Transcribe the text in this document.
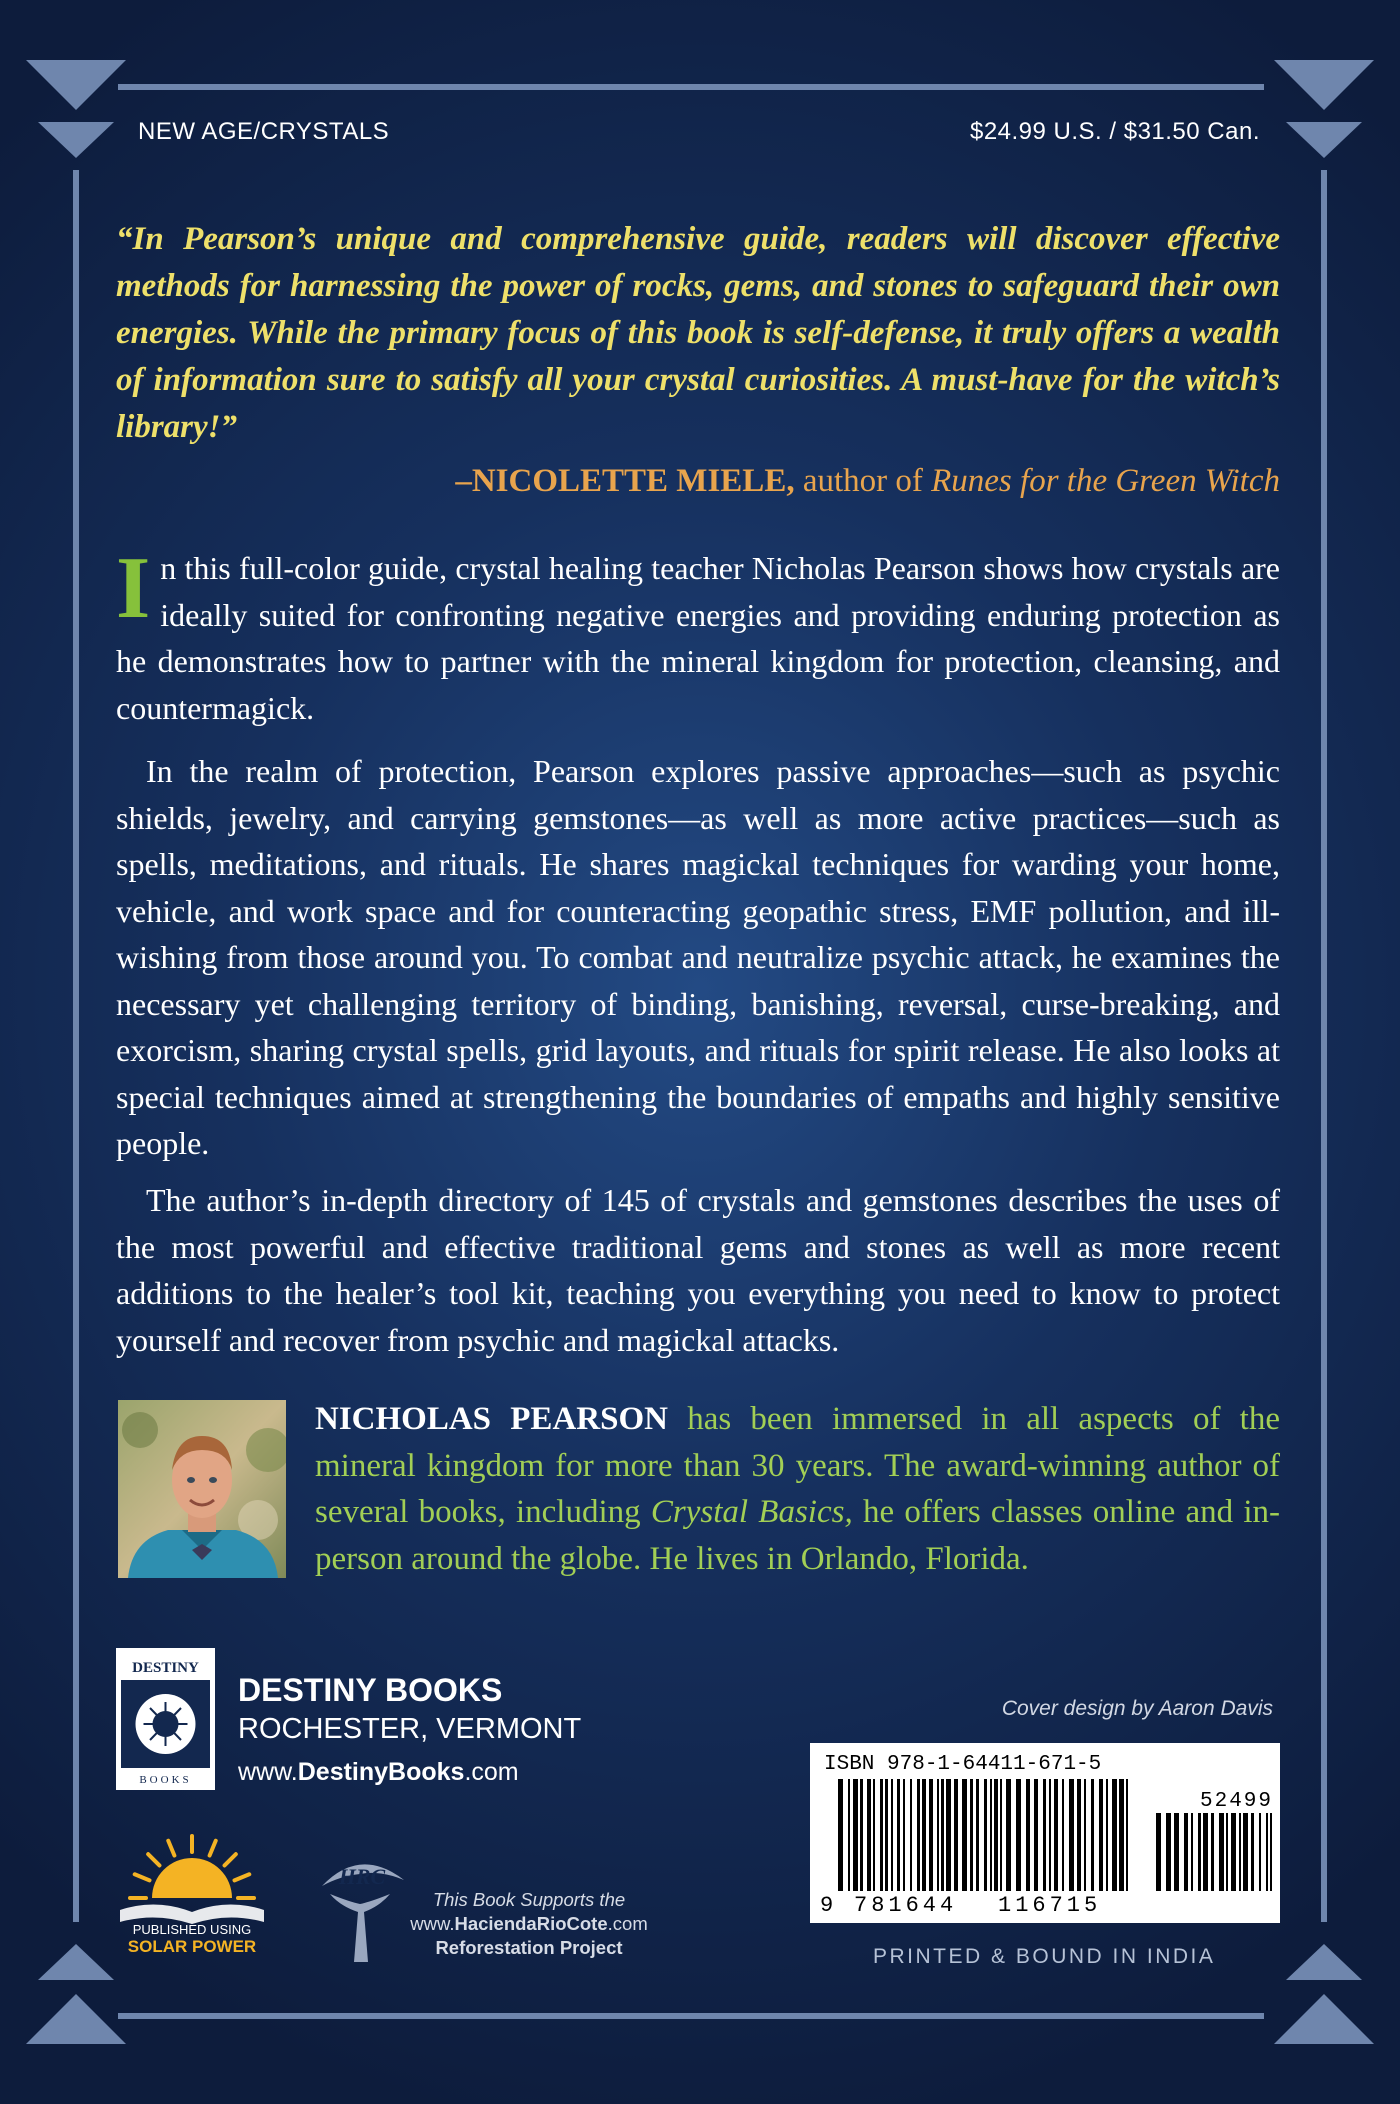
NEW AGE/CRYSTALS	$24.99 U.S. / $31.50 Can.
“In Pearson’s unique and comprehensive guide, readers will discover effective methods for harnessing the power of rocks, gems, and stones to safeguard their own energies. While the primary focus of this book is self-defense, it truly offers a wealth of information sure to satisfy all your crystal curiosities. A must-have for the witch’s library!”
–NICOLETTE MIELE, author of Runes for the Green Witch
In this full-color guide, crystal healing teacher Nicholas Pearson shows how crystals are ideally suited for confronting negative energies and providing enduring protection as he demonstrates how to partner with the mineral kingdom for protection, cleansing, and countermagick.
In the realm of protection, Pearson explores passive approaches—such as psychic shields, jewelry, and carrying gemstones—as well as more active practices—such as spells, meditations, and rituals. He shares magickal techniques for warding your home, vehicle, and work space and for counteracting geopathic stress, EMF pollution, and ill-wishing from those around you. To combat and neutralize psychic attack, he examines the necessary yet challenging territory of binding, banishing, reversal, curse-breaking, and exorcism, sharing crystal spells, grid layouts, and rituals for spirit release. He also looks at special techniques aimed at strengthening the boundaries of empaths and highly sensitive people.
The author’s in-depth directory of 145 of crystals and gemstones describes the uses of the most powerful and effective traditional gems and stones as well as more recent additions to the healer’s tool kit, teaching you everything you need to know to protect yourself and recover from psychic and magickal attacks.
NICHOLAS PEARSON has been immersed in all aspects of the mineral kingdom for more than 30 years. The award-winning author of several books, including Crystal Basics, he offers classes online and in-person around the globe. He lives in Orlando, Florida.
DESTINY
BOOKS
DESTINY BOOKS
ROCHESTER, VERMONT
www.DestinyBooks.com
Cover design by Aaron Davis
ISBN 978-1-64411-671-5
52499
9 781644 116715
PRINTED & BOUND IN INDIA
PUBLISHED USING
SOLAR POWER
HRC
This Book Supports the
www.HaciendaRioCote.com
Reforestation Project
